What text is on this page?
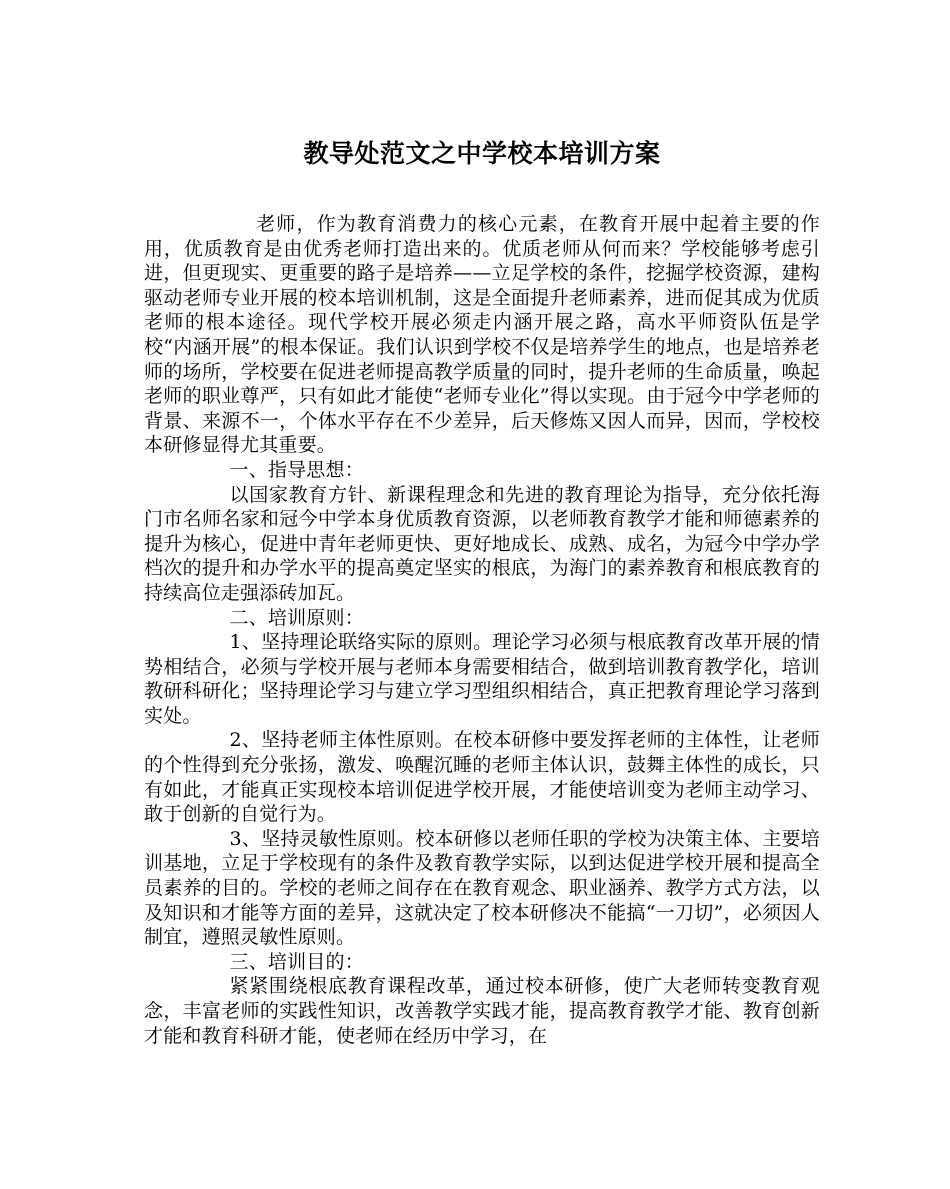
教导处范文之中学校本培训方案

老师，作为教育消费力的核心元素，在教育开展中起着主要的作用，优质教育是由优秀老师打造出来的。优质老师从何而来？学校能够考虑引进，但更现实、更重要的路子是培养——立足学校的条件，挖掘学校资源，建构驱动老师专业开展的校本培训机制，这是全面提升老师素养，进而促其成为优质老师的根本途径。现代学校开展必须走内涵开展之路，高水平师资队伍是学校“内涵开展”的根本保证。我们认识到学校不仅是培养学生的地点，也是培养老师的场所，学校要在促进老师提高教学质量的同时，提升老师的生命质量，唤起老师的职业尊严，只有如此才能使“老师专业化”得以实现。由于冠今中学老师的背景、来源不一，个体水平存在不少差异，后天修炼又因人而异，因而，学校校本研修显得尤其重要。

一、指导思想：

以国家教育方针、新课程理念和先进的教育理论为指导，充分依托海门市名师名家和冠今中学本身优质教育资源，以老师教育教学才能和师德素养的提升为核心，促进中青年老师更快、更好地成长、成熟、成名，为冠今中学办学档次的提升和办学水平的提高奠定坚实的根底，为海门的素养教育和根底教育的持续高位走强添砖加瓦。

二、培训原则：

1、坚持理论联络实际的原则。理论学习必须与根底教育改革开展的情势相结合，必须与学校开展与老师本身需要相结合，做到培训教育教学化，培训教研科研化；坚持理论学习与建立学习型组织相结合，真正把教育理论学习落到实处。

2、坚持老师主体性原则。在校本研修中要发挥老师的主体性，让老师的个性得到充分张扬，激发、唤醒沉睡的老师主体认识，鼓舞主体性的成长，只有如此，才能真正实现校本培训促进学校开展，才能使培训变为老师主动学习、敢于创新的自觉行为。

3、坚持灵敏性原则。校本研修以老师任职的学校为决策主体、主要培训基地，立足于学校现有的条件及教育教学实际，以到达促进学校开展和提高全员素养的目的。学校的老师之间存在在教育观念、职业涵养、教学方式方法，以及知识和才能等方面的差异，这就决定了校本研修决不能搞“一刀切”，必须因人制宜，遵照灵敏性原则。

三、培训目的：

紧紧围绕根底教育课程改革，通过校本研修，使广大老师转变教育观念，丰富老师的实践性知识，改善教学实践才能，提高教育教学才能、教育创新才能和教育科研才能，使老师在经历中学习，在
